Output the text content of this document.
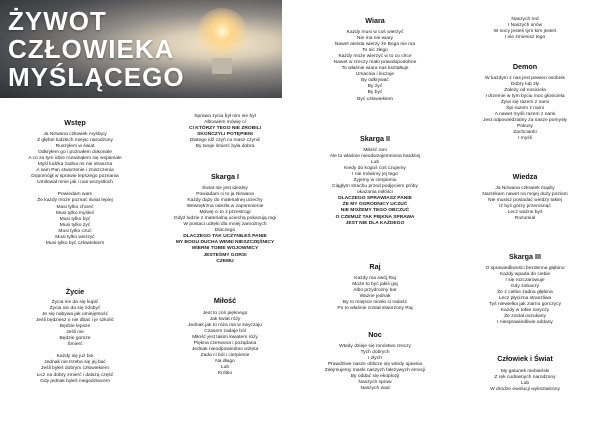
ŻYWOT
CZŁOWIEKA
MYŚLĄCEGO
Wstęp
Ja Nirwana człowiek myślący
Z głębin ludzkich miejsc narodzony
Ruszyłem w świat
Odkryłem go i poznałem dokonale
A co za tym idzie rozwinąłem się wspaniale
Myśl ludzka żadna mi nie straszna
A sam Pan stworzenie i zniszczenia
Dopomógł w sprawie lepszego poznania
Umiłował mnie jak i nas wszystkich
Powiedam wam
Że każdy może poznać świat lepiej
Musi tylko chcieć
Musi tylko myśleć
Musi tylko być
Musi tylko żyć
Musi tylko czuć
Musi tylko wierzyć
Musi tylko być człowiekiem
Życie
Życia nie da się kupić
Życia nie da się zdobyć
Je się nabywa jak umiejętność
Jeśli będziesz o nie dbać i je szkolić
Będzie lepsze
Jeśli nie
Będzie gorsze
Śmierć
Każdy się już boi
Jednak nie trzeba się jej bać
Jeśli byłeś dobrym człowiekiem
Licz na dobry zmierć i dalszą część
Gdy jednak byłeś niegodziwcem
Sprawa życia był nim nie był
Albowiem mówię ci
CI KTÓRZY TEGO NIE ZROBILI
SKOŃCZYLI POTĘPIENI
Dlatego idź czyń co masz czynić
By twoje śmierć była dobra
Skarga I
Świat nie jest idealny
Powiadam ci to ja Nirwana
Każdy dąży do materialnej uciechy
Wewnętrzna odezła w zapomnienie
Mówię ci to z przestrogi
Gdyż ludzie z materialną uciechą pokazują rogi
W postaci udręki dla mniej zamożnych
Dlaczego
DLACZEGO TAK UCZYNIŁEŚ PANIE
MY BOGU DUCHA WINNI NIESZCZĘŚNICY
WIERNI TOBIE WOJOWNICY
JESTEŚMY GORSI
CZEMU
Miłość
Jest to coś pięknego
Jak kwiat róży
Jednak jak to róża ma w zwyczaju
Czasem zadaje ból
Miłość jest takim kwiatem róży
Piękna czerwona i pożądana
Jednak nieodpowiednio wzięta
Zada ci ból i cierpienie
Na długo
Lub
Krótko
Wiara
Każdy musi w coś wierzyć
Nie ma nie wiary
Nawet ateista wierzy że Boga nie ma
To nic złego
Każdy może wierzyć w to co chce
Nawet w rzeczy mało prawdopodobne
To właśnie wiara nas kształtuje
Umacnia i leczuje
By odkrywać
By żyć
By być
Być człowiekiem
Skarga II
Miłość rani
Ale to właśnie nieodwzajemniona bardziej
Lub
Kiedy do kogoś coś czujemy
I nie mówimy jej tego
Żyjemy w cierpieniu
Ciągłym strachu przed podjęciem próby
okazania miłości
DLACZEGO SPRAWIASZ PANIE
ŻE MY OGRODNICY UCZUĆ
NIE MOŻEMY TEGO OBCZUĆ
O CZEMUŻ TAK PIĘKNA SPRAWA
JEST NIE DLA KAŻDEGO
Raj
Każdy ma swój Raj
Może to być jakiś gaj
Albo przydrożny bar
Ważne jednak
By to miejsce niosło ci radość
Po to właśnie został stworzony Raj
Noc
Wtedy dzieje się mnóstwo rzeczy
Tych dobrych
I złych
Prawdziwe nasze oblicze się wtedy ujawnia
Zdejmujemy maski naszych fałszywych emocji
By oddać się ekoplozji
Naszych spraw
Naszych wad
Naszych red
I Naszych snów
W nocy jesteś tym kim jesteś
I nie zmienisz tego
Demon
W każdym z nas jest pewien osobnik
Dobry lub zły
Zależy od nosiciela
I drzemie w tym byciu moc głosiciela
Żywi się razem z nami
Śpi razem z nami
A nawet myśli razem z nami
Jest odpowiedzialny za nasze pomysły
Pokusy
Zachcianki
I myśli
Wiedza
Ja Nirwana człowiek mądry
Narzekam nawet na mojej duży poziom
Nie musisz posiadać wiedzy takiej
Iż byś górzy przerosnąć
Lecz ważne byś
Rozumiał
Skarga III
O sprawiedliwości bezdenna głębino
Każdy wpada do ciebie
I się rozczarowuje
Gdy zobaczy
Że z ciebie żadna głębina
Lecz płycizna straszliwa
Tyś niewielka jak ziarno gorczycy
Każdy w tobie zaryczy
Że został oszukany
I niesprawiedliwie oddany
Człowiek i Świat
My gatunek niebiański
Z ręk cudownych narodzony
Lub
W drodze ewolucji wykształcony
